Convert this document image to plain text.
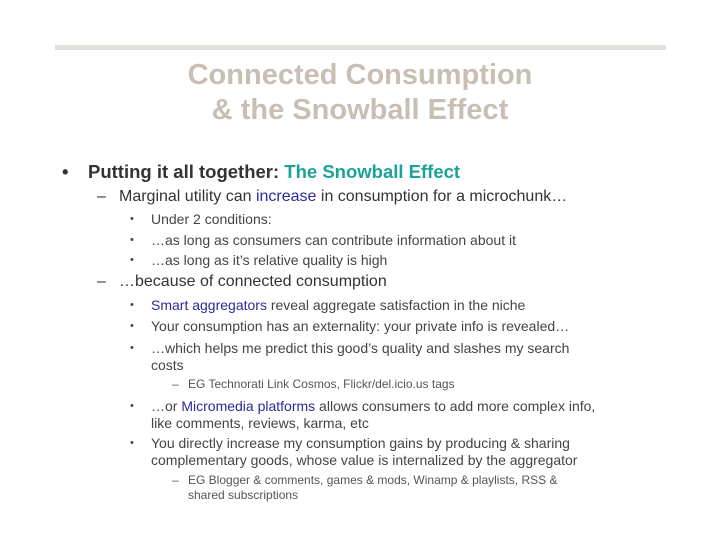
Connected Consumption
& the Snowball Effect
• Putting it all together: The Snowball Effect
– Marginal utility can increase in consumption for a microchunk…
• Under 2 conditions:
• …as long as consumers can contribute information about it
• …as long as it’s relative quality is high
– …because of connected consumption
• Smart aggregators reveal aggregate satisfaction in the niche
• Your consumption has an externality: your private info is revealed…
• …which helps me predict this good’s quality and slashes my search
costs
– EG Technorati Link Cosmos, Flickr/del.icio.us tags
• …or Micromedia platforms allows consumers to add more complex info,
like comments, reviews, karma, etc
• You directly increase my consumption gains by producing & sharing
complementary goods, whose value is internalized by the aggregator
– EG Blogger & comments, games & mods, Winamp & playlists, RSS &
shared subscriptions
